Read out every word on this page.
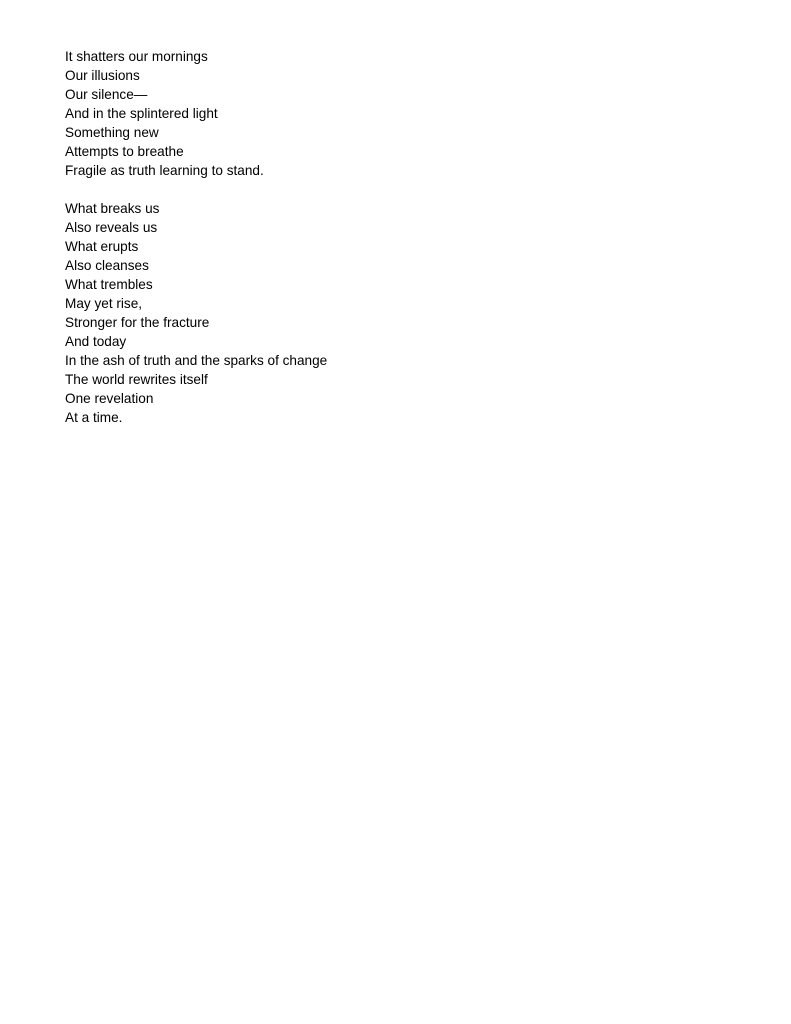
It shatters our mornings
Our illusions
Our silence—
And in the splintered light
Something new
Attempts to breathe
Fragile as truth learning to stand.
What breaks us
Also reveals us
What erupts
Also cleanses
What trembles
May yet rise,
Stronger for the fracture
And today
In the ash of truth and the sparks of change
The world rewrites itself
One revelation
At a time.
